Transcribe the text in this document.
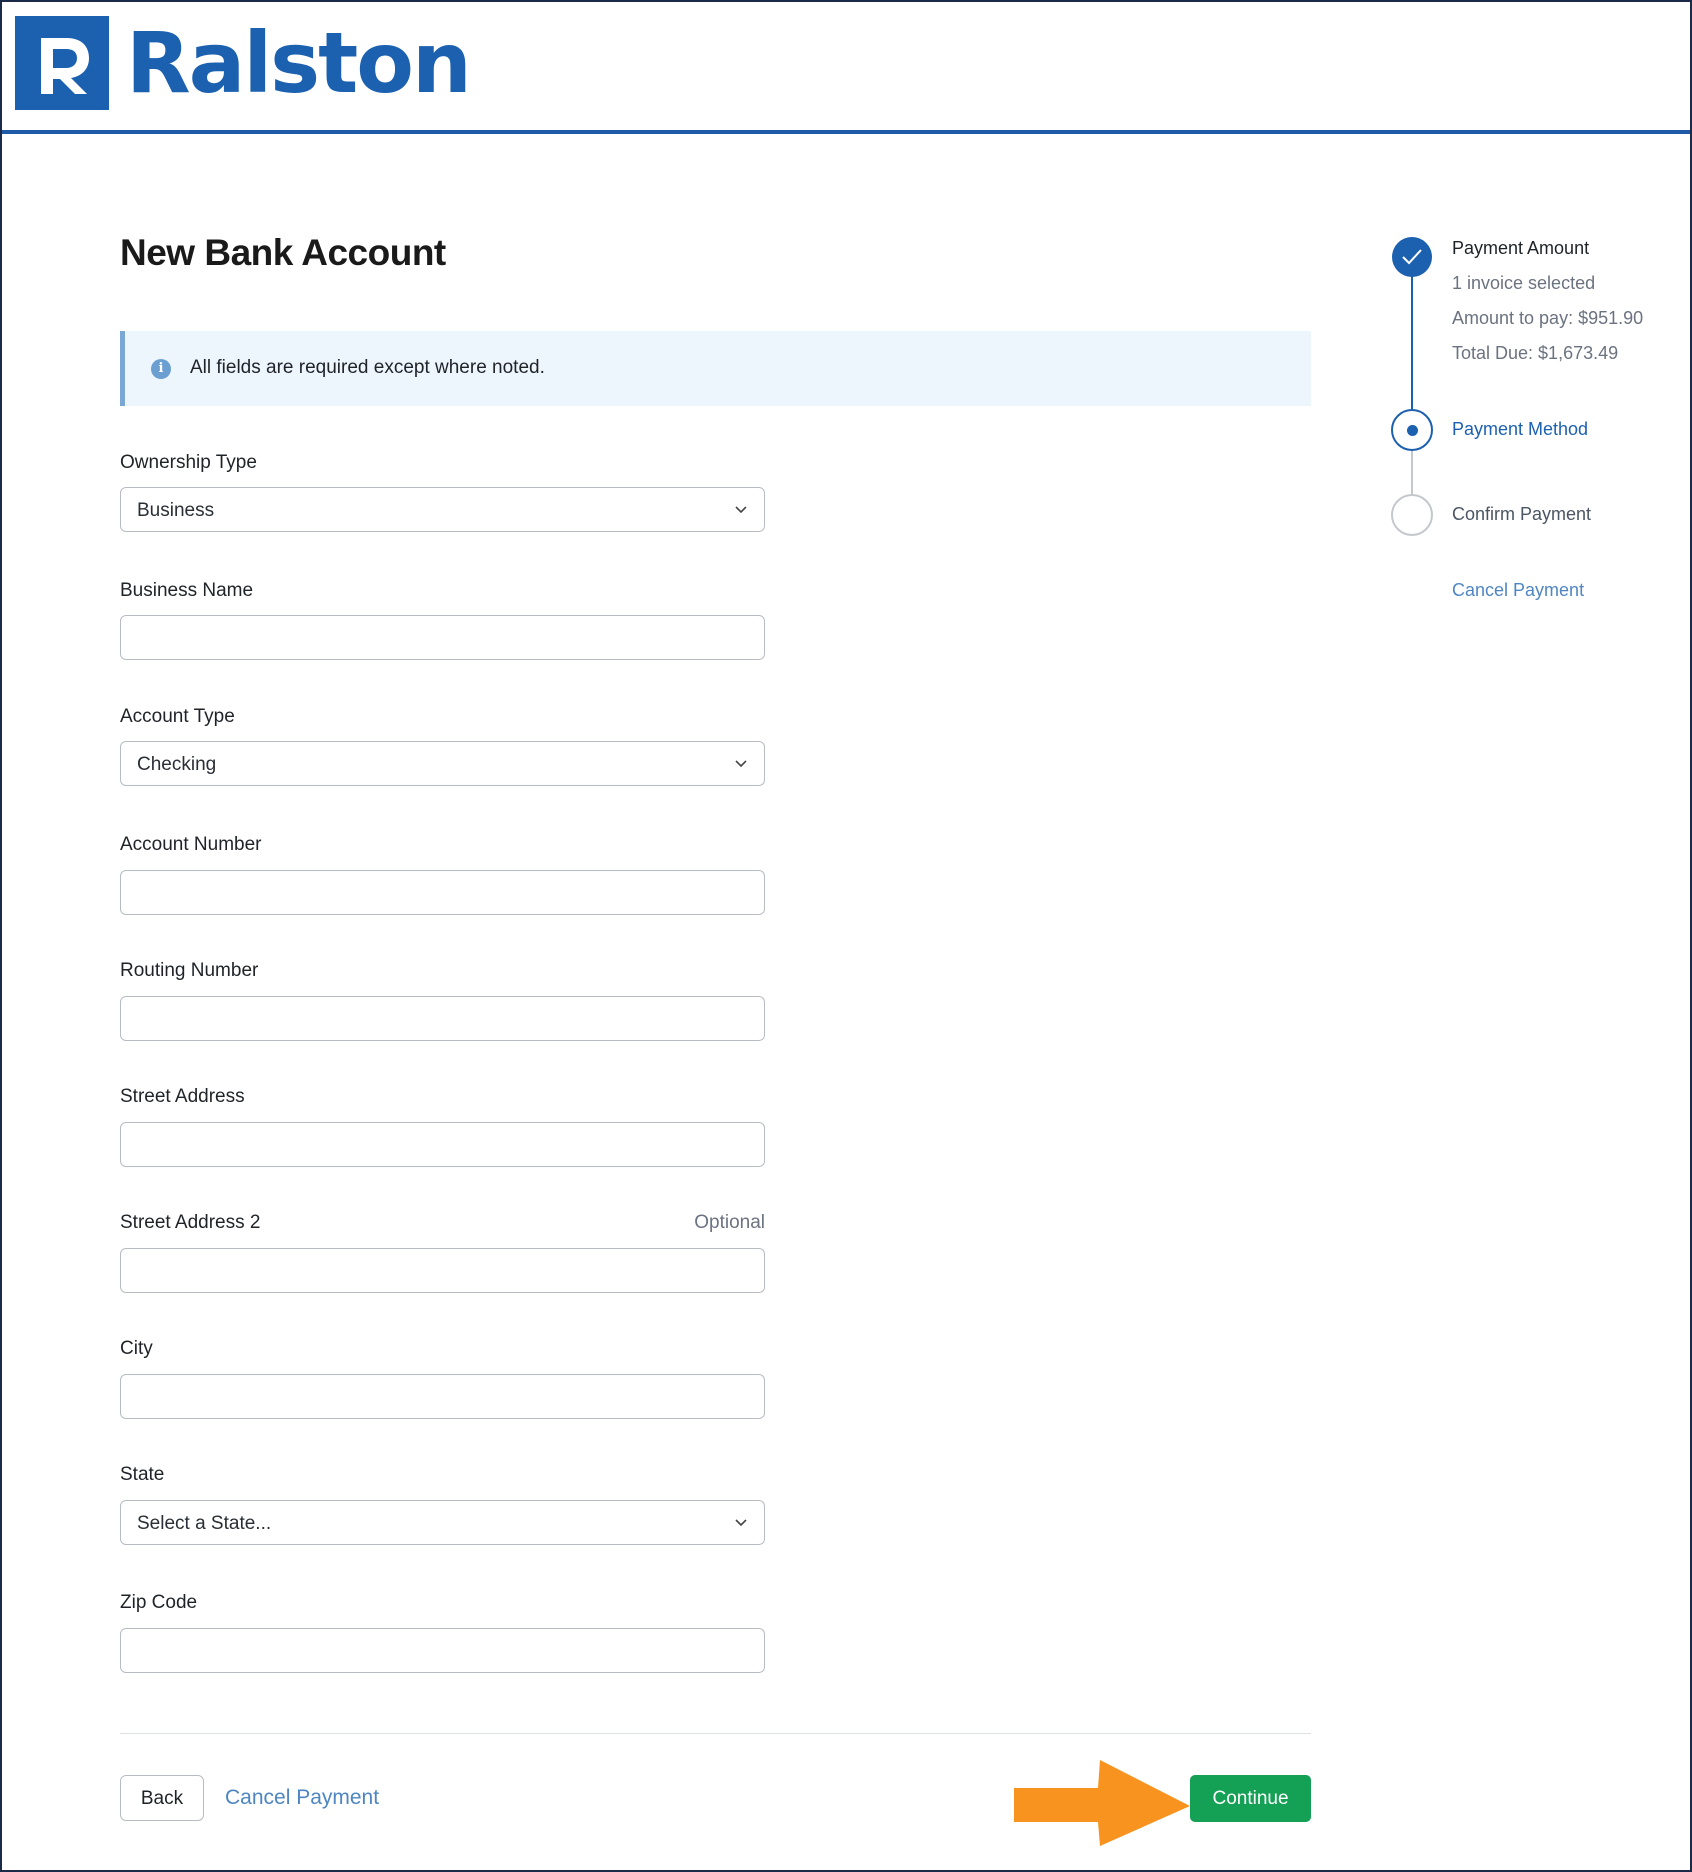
Ralston
New Bank Account
i	All fields are required except where noted.
Ownership Type
Business
Business Name
Account Type
Checking
Account Number
Routing Number
Street Address
Street Address 2	Optional
City
State
Select a State...
Zip Code
Back	Cancel Payment	Continue
Payment Amount
1 invoice selected
Amount to pay: $951.90
Total Due: $1,673.49
Payment Method
Confirm Payment
Cancel Payment
